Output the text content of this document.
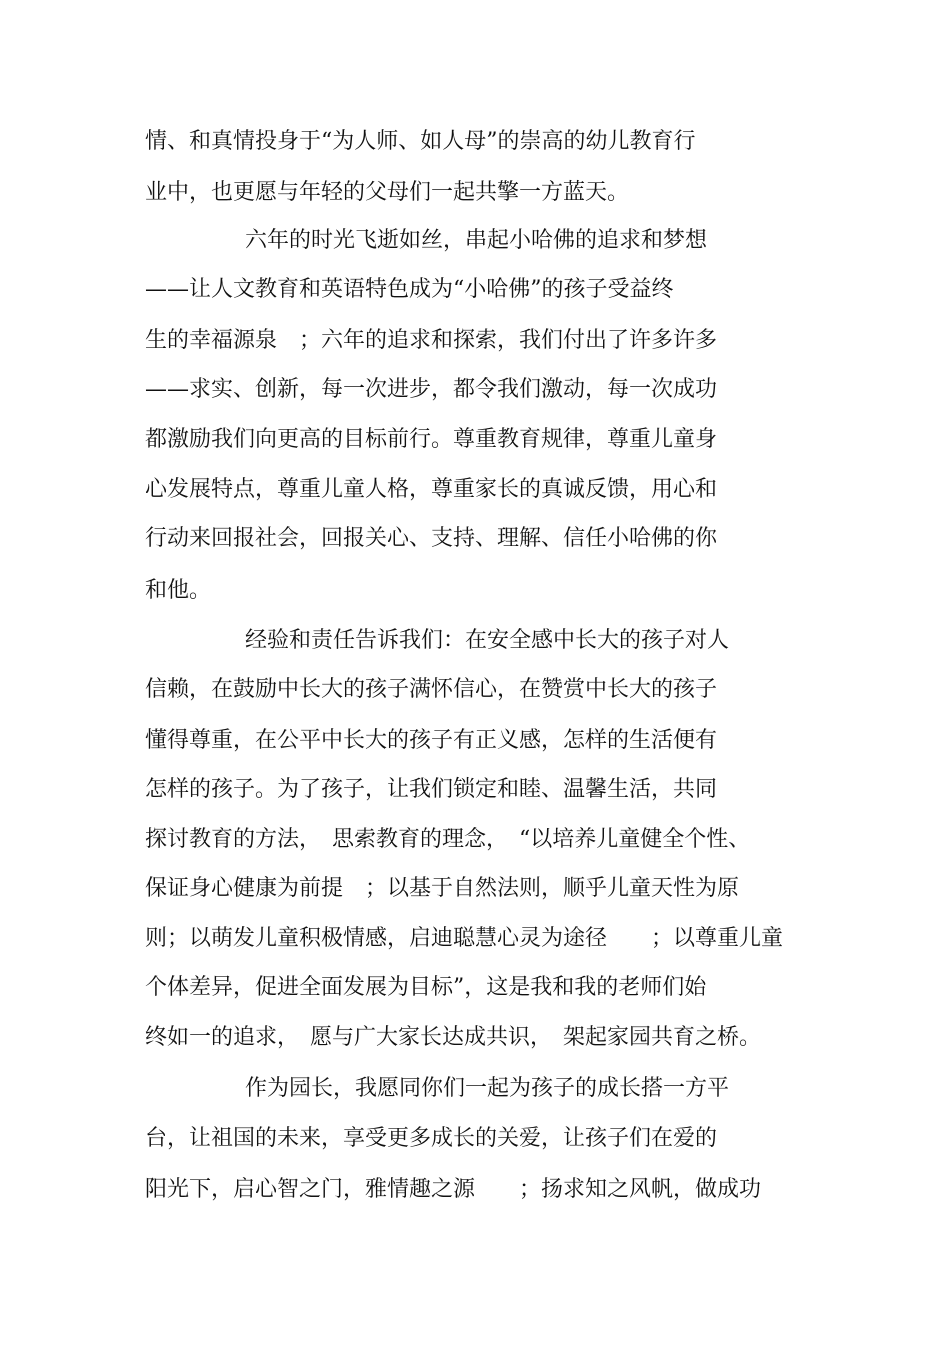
情、和真情投身于“为人师、如人母”的崇高的幼儿教育行
业中，也更愿与年轻的父母们一起共擎一方蓝天。
六年的时光飞逝如丝，串起小哈佛的追求和梦想
——让人文教育和英语特色成为“小哈佛”的孩子受益终
生的幸福源泉　；六年的追求和探索，我们付出了许多许多
——求实、创新，每一次进步，都令我们激动，每一次成功
都激励我们向更高的目标前行。尊重教育规律，尊重儿童身
心发展特点，尊重儿童人格，尊重家长的真诚反馈，用心和
行动来回报社会，回报关心、支持、理解、信任小哈佛的你
和他。
经验和责任告诉我们：在安全感中长大的孩子对人
信赖，在鼓励中长大的孩子满怀信心，在赞赏中长大的孩子
懂得尊重，在公平中长大的孩子有正义感，怎样的生活便有
怎样的孩子。为了孩子，让我们锁定和睦、温馨生活，共同
探讨教育的方法，　思索教育的理念，　“以培养儿童健全个性、
保证身心健康为前提　；以基于自然法则，顺乎儿童天性为原
则；以萌发儿童积极情感，启迪聪慧心灵为途径　　；以尊重儿童
个体差异，促进全面发展为目标”，这是我和我的老师们始
终如一的追求，　愿与广大家长达成共识，　架起家园共育之桥。
作为园长，我愿同你们一起为孩子的成长搭一方平
台，让祖国的未来，享受更多成长的关爱，让孩子们在爱的
阳光下，启心智之门，雅情趣之源　　；扬求知之风帆，做成功
